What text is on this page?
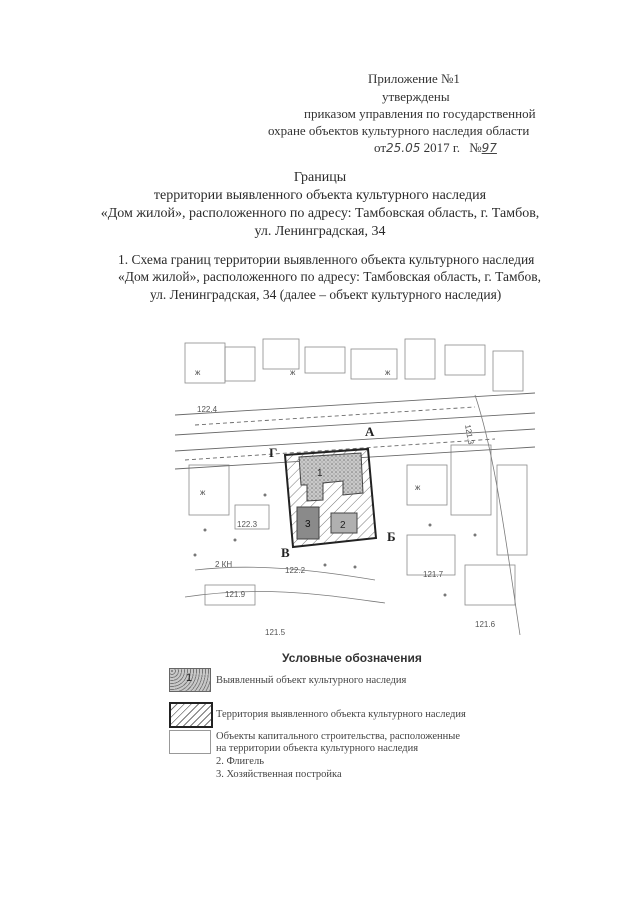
Приложение №1
утверждены
приказом управления по государственной
охране объектов культурного наследия области
от25.05 2017 г. №97
Границы
территории выявленного объекта культурного наследия
«Дом жилой», расположенного по адресу: Тамбовская область, г. Тамбов,
ул. Ленинградская, 34
1. Схема границ территории выявленного объекта культурного наследия
«Дом жилой», расположенного по адресу: Тамбовская область, г. Тамбов,
ул. Ленинградская, 34 (далее – объект культурного наследия)
ж	ж	ж
ж
ж
2 КН
122.4
122.3
122.2
121.9
121.5
121.7
121.3
121.6
1
2
3
А
Б
В
Г
Условные обозначения
1 Выявленный объект культурного наследия
Территория выявленного объекта культурного наследия
Объекты капитального строительства, расположенные
на территории объекта культурного наследия
2. Флигель
3. Хозяйственная постройка
